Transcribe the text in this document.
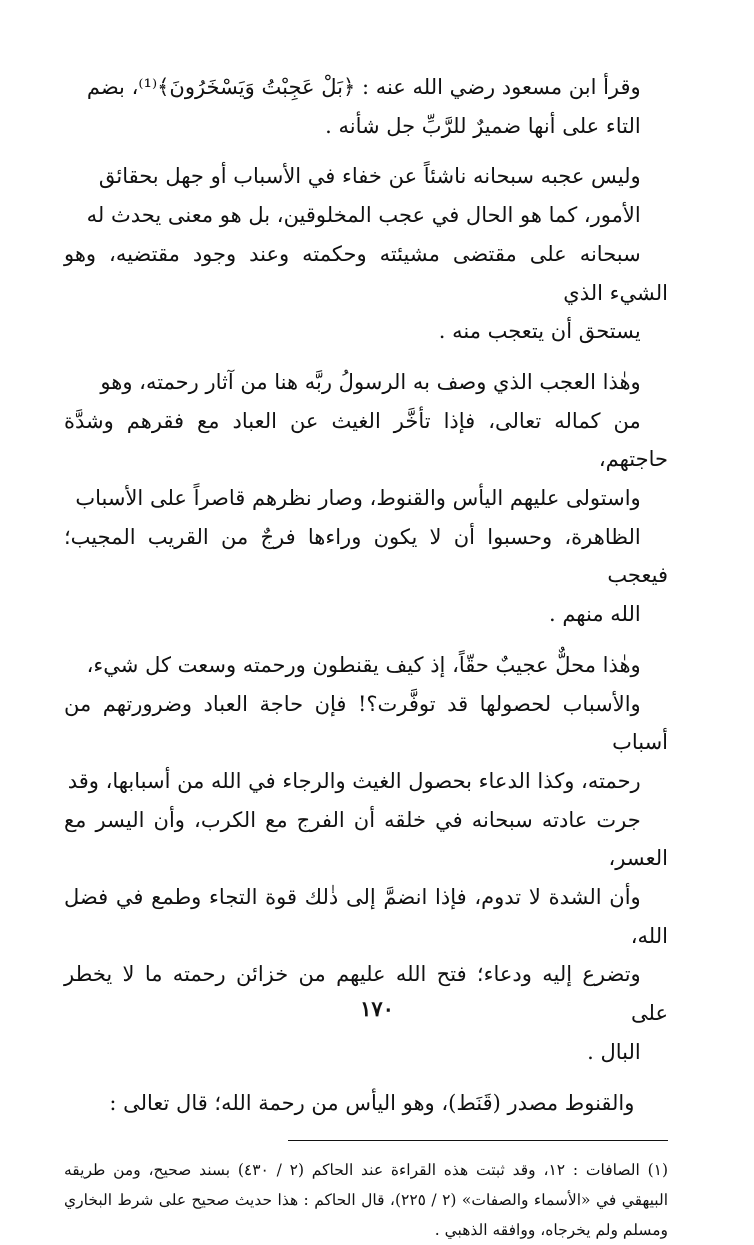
وقرأ ابن مسعود رضي الله عنه : ﴿بَلْ عَجِبْتُ وَيَسْخَرُونَ﴾⁽¹⁾، بضم
التاء على أنها ضميرٌ للرَّبِّ جل شأنه .

وليس عجبه سبحانه ناشئاً عن خفاء في الأسباب أو جهل بحقائق
الأمور، كما هو الحال في عجب المخلوقين، بل هو معنى يحدث له
سبحانه على مقتضى مشيئته وحكمته وعند وجود مقتضيه، وهو الشيء الذي
يستحق أن يتعجب منه .

وهٰذا العجب الذي وصف به الرسولُ ربَّه هنا من آثار رحمته، وهو
من كماله تعالى، فإذا تأخَّر الغيث عن العباد مع فقرهم وشدَّة حاجتهم،
واستولى عليهم اليأس والقنوط، وصار نظرهم قاصراً على الأسباب
الظاهرة، وحسبوا أن لا يكون وراءها فرجٌ من القريب المجيب؛ فيعجب
الله منهم .

وهٰذا محلٌّ عجيبٌ حقّاً، إذ كيف يقنطون ورحمته وسعت كل شيء،
والأسباب لحصولها قد توفَّرت؟! فإن حاجة العباد وضرورتهم من أسباب
رحمته، وكذا الدعاء بحصول الغيث والرجاء في الله من أسبابها، وقد
جرت عادته سبحانه في خلقه أن الفرج مع الكرب، وأن اليسر مع العسر،
وأن الشدة لا تدوم، فإذا انضمَّ إلى ذٰلك قوة التجاء وطمع في فضل الله،
وتضرع إليه ودعاء؛ فتح الله عليهم من خزائن رحمته ما لا يخطر على
البال .

والقنوط مصدر (قَنَط)، وهو اليأس من رحمة الله؛ قال تعالى :

(١) الصافات : ١٢، وقد ثبتت هذه القراءة عند الحاكم (٢ / ٤٣٠) بسند صحيح، ومن طريقه البيهقي في «الأسماء والصفات» (٢ / ٢٢٥)، قال الحاكم : هذا حديث صحيح على شرط البخاري ومسلم ولم يخرجاه، ووافقه الذهبي .

١٧٠
